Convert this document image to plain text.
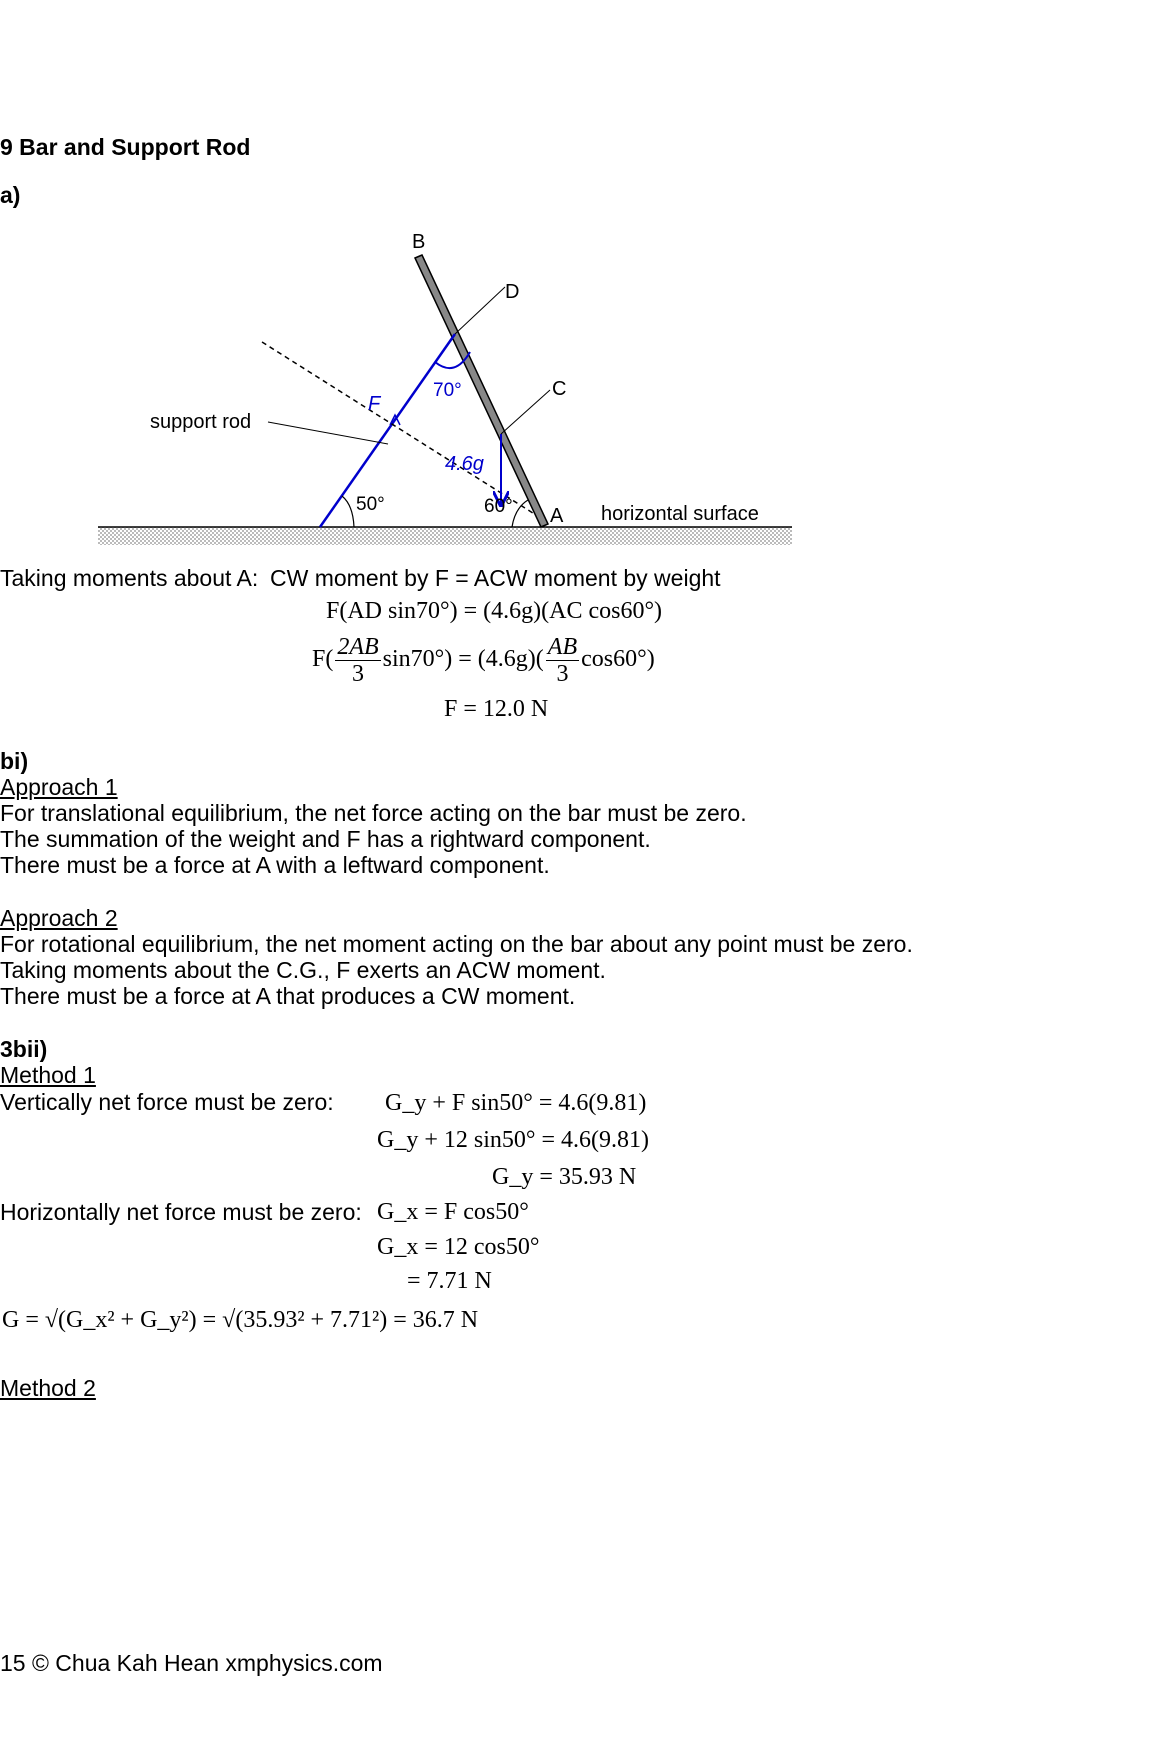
9 Bar and Support Rod
a)
B
D
C
A
F
4.6g
70°
50°	60°
support rod
horizontal surface
Taking moments about A: CW moment by F = ACW moment by weight
F(AD sin70°) = (4.6g)(AC cos60°)
$F( \frac{2AB}{3} \sin 70^\circ) = (4.6g)( \frac{AB}{3} \cos 60^\circ)$
F = 12.0 N
bi)
Approach 1
For translational equilibrium, the net force acting on the bar must be zero.
The summation of the weight and F has a rightward component.
There must be a force at A with a leftward component.
Approach 2
For rotational equilibrium, the net moment acting on the bar about any point must be zero.
Taking moments about the C.G., F exerts an ACW moment.
There must be a force at A that produces a CW moment.
3bii)
Method 1
Vertically net force must be zero: G_y + F sin50° = 4.6(9.81)
G_y + 12 sin50° = 4.6(9.81)
G_y = 35.93 N
Horizontally net force must be zero: G_x = F cos50°
G_x = 12 cos50°
= 7.71 N
G = √(G_x² + G_y²) = √(35.93² + 7.71²) = 36.7 N
Method 2
15 © Chua Kah Hean xmphysics.com
